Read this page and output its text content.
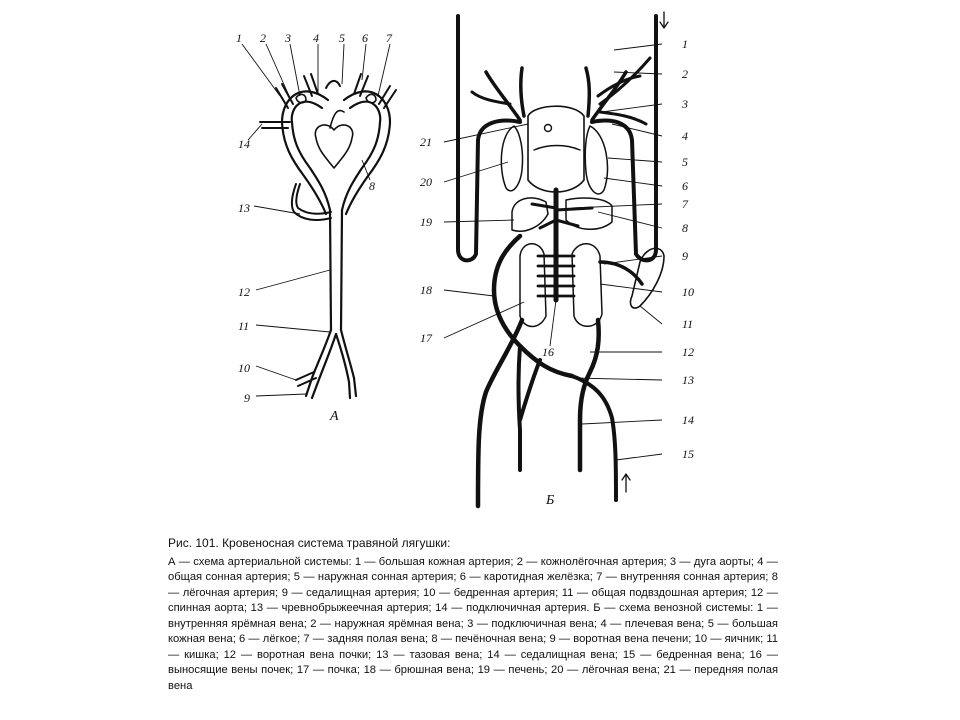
1 2 3 4 5 6 7
14
8
13
12
11
10
9
А
1
2
3
4
5
6
7
8
9
10
11
12
13
14
15
21
20
19
18
17
16
Б
Рис. 101. Кровеносная система травяной лягушки:
А — схема артериальной системы: 1 — большая кожная артерия; 2 — кожнолёгочная артерия; 3 — дуга аорты; 4 — общая сонная артерия; 5 — наружная сонная артерия; 6 — каротидная желёзка; 7 — внутренняя сонная артерия; 8 — лёгочная артерия; 9 — седалищная артерия; 10 — бедренная артерия; 11 — общая подвздошная артерия; 12 — спинная аорта; 13 — чревнобрыжеечная артерия; 14 — подключичная артерия. Б — схема венозной системы: 1 — внутренняя ярёмная вена; 2 — наружная ярёмная вена; 3 — подключичная вена; 4 — плечевая вена; 5 — большая кожная вена; 6 — лёгкое; 7 — задняя полая вена; 8 — печёночная вена; 9 — воротная вена печени; 10 — яичник; 11 — кишка; 12 — воротная вена почки; 13 — тазовая вена; 14 — седалищная вена; 15 — бедренная вена; 16 — выносящие вены почек; 17 — почка; 18 — брюшная вена; 19 — печень; 20 — лёгочная вена; 21 — передняя полая вена
